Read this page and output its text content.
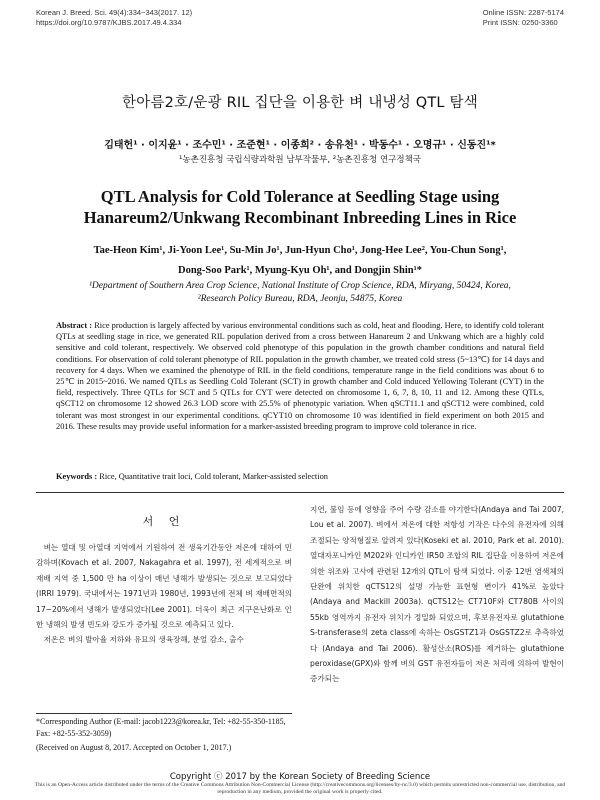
Korean J. Breed. Sci. 49(4):334~343(2017. 12)
https://doi.org/10.9787/KJBS.2017.49.4.334
Online ISSN: 2287-5174
Print ISSN: 0250-3360
한아름2호/운광 RIL 집단을 이용한 벼 내냉성 QTL 탐색
김태헌¹ · 이지윤¹ · 조수민¹ · 조준현¹ · 이종희² · 송유천¹ · 박동수¹ · 오명규¹ · 신동진¹*
¹농촌진흥청 국립식량과학원 남부작물부, ²농촌진흥청 연구정책국
QTL Analysis for Cold Tolerance at Seedling Stage using
Hanareum2/Unkwang Recombinant Inbreeding Lines in Rice
Tae-Heon Kim¹, Ji-Yoon Lee¹, Su-Min Jo¹, Jun-Hyun Cho¹, Jong-Hee Lee², You-Chun Song¹,
Dong-Soo Park¹, Myung-Kyu Oh¹, and Dongjin Shin¹*
¹Department of Southern Area Crop Science, National Institute of Crop Science, RDA, Miryang, 50424, Korea,
²Research Policy Bureau, RDA, Jeonju, 54875, Korea
Abstract : Rice production is largely affected by various environmental conditions such as cold, heat and flooding. Here, to identify cold tolerant QTLs at seedling stage in rice, we generated RIL population derived from a cross between Hanareum 2 and Unkwang which are a highly cold sensitive and cold tolerant, respectively. We observed cold phenotype of this population in the growth chamber conditions and natural field conditions. For observation of cold tolerant phenotype of RIL population in the growth chamber, we treated cold stress (5~13℃) for 14 days and recovery for 4 days. When we examined the phenotype of RIL in the field conditions, temperature range in the field conditions was about 6 to 25℃ in 2015~2016. We named QTLs as Seedling Cold Tolerant (SCT) in growth chamber and Cold induced Yellowing Tolerant (CYT) in the field, respectively. Three QTLs for SCT and 5 QTLs for CYT were detected on chromosome 1, 6, 7, 8, 10, 11 and 12. Among these QTLs, qSCT12 on chromosome 12 showed 26.3 LOD score with 25.5% of phenotypic variation. When qSCT11.1 and qSCT12 were combined, cold tolerant was most strongest in our experimental conditions. qCYT10 on chromosome 10 was identified in field experiment on both 2015 and 2016. These results may provide useful information for a marker-assisted breeding program to improve cold tolerance in rice.
Keywords : Rice, Quantitative trait loci, Cold tolerant, Marker-assisted selection
서 언

벼는 열대 및 아열대 지역에서 기원하여 전 생육기간동안 저온에 대하여 민감하며(Kovach et al. 2007, Nakagahra et al. 1997), 전 세계적으로 벼 재배 지역 중 1,500 만 ha 이상이 매년 냉해가 발생되는 것으로 보고되었다(IRRI 1979). 국내에서는 1971년과 1980년, 1993년에 전체 벼 재배면적의 17~20%에서 냉해가 발생되었다(Lee 2001). 더욱이 최근 지구온난화로 인한 냉해의 발생 빈도와 강도가 증가될 것으로 예측되고 있다.

저온은 벼의 발아율 저하와 유묘의 생육장해, 분얼 감소, 출수

지연, 불임 등에 영향을 주어 수량 감소를 야기한다(Andaya and Tai 2007, Lou et al. 2007). 벼에서 저온에 대한 저항성 기작은 다수의 유전자에 의해 조절되는 양적형질로 알려져 있다(Koseki et al. 2010, Park et al. 2010). 열대자포니카인 M202와 인디카인 IR50 조합의 RIL 집단을 이용하여 저온에 의한 위조와 고사에 관련된 12개의 QTL이 탐색 되었다. 이중 12번 염색체의 단완에 위치한 qCTS12의 설명 가능한 표현형 변이가 41%로 높았다(Andaya and Mackill 2003a). qCTS12는 CT710F와 CT780B 사이의 55kb 영역까지 유전자 위치가 정밀화 되었으며, 후보유전자로 glutathione S-transferase의 zeta class에 속하는 OsGSTZ1과 OsGSTZ2로 추측하였다 (Andaya and Tai 2006). 활성산소(ROS)를 제거하는 glutathione peroxidase(GPX)와 함께 벼의 GST 유전자들이 저온 처리에 의하여 발현이 증가되는

*Corresponding Author (E-mail: jacob1223@korea.kr, Tel: +82-55-350-1185, Fax: +82-55-352-3059)
(Received on August 8, 2017. Accepted on October 1, 2017.)
Copyright ⓒ 2017 by the Korean Society of Breeding Science
This is an Open-Access article distributed under the terms of the Creative Commons Attribution Non-Commercial License (http://creativecommons.org/licenses/by-nc/3.0) which permits unrestricted non-commercial use, distribution, and reproduction in any medium, provided the original work is properly cited.
